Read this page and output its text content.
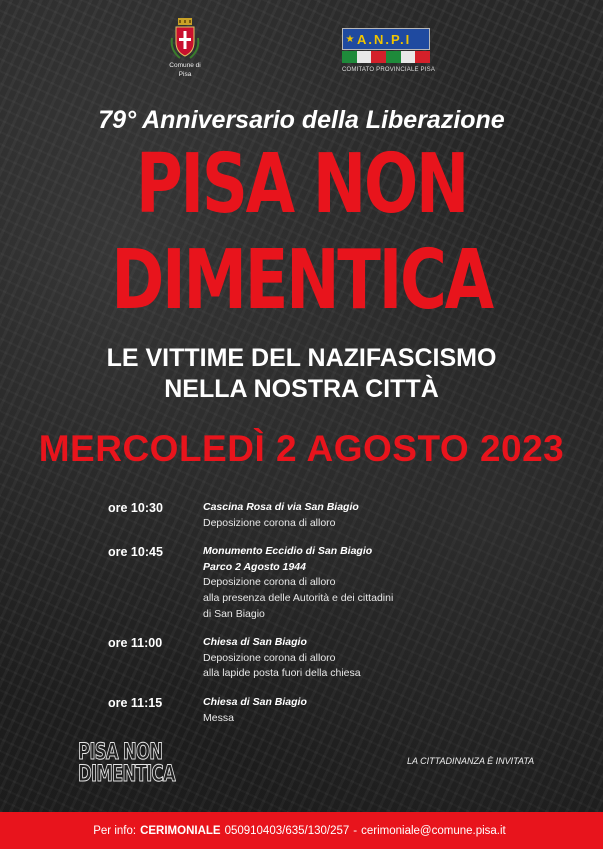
Comune di
Pisa
★ A.N.P.I
COMITATO PROVINCIALE PISA
79° Anniversario della Liberazione
PISA NON
DIMENTICA
LE VITTIME DEL NAZIFASCISMO
NELLA NOSTRA CITTÀ
MERCOLEDÌ 2 AGOSTO 2023
ore 10:30	Cascina Rosa di via San Biagio
Deposizione corona di alloro
ore 10:45	Monumento Eccidio di San Biagio
Parco 2 Agosto 1944
Deposizione corona di alloro
alla presenza delle Autorità e dei cittadini
di San Biagio
ore 11:00	Chiesa di San Biagio
Deposizione corona di alloro
alla lapide posta fuori della chiesa
ore 11:15	Chiesa di San Biagio
Messa
PISA NON
DIMENTICA
LA CITTADINANZA È INVITATA
Per info: CERIMONIALE 050910403/635/130/257 - cerimoniale@comune.pisa.it
